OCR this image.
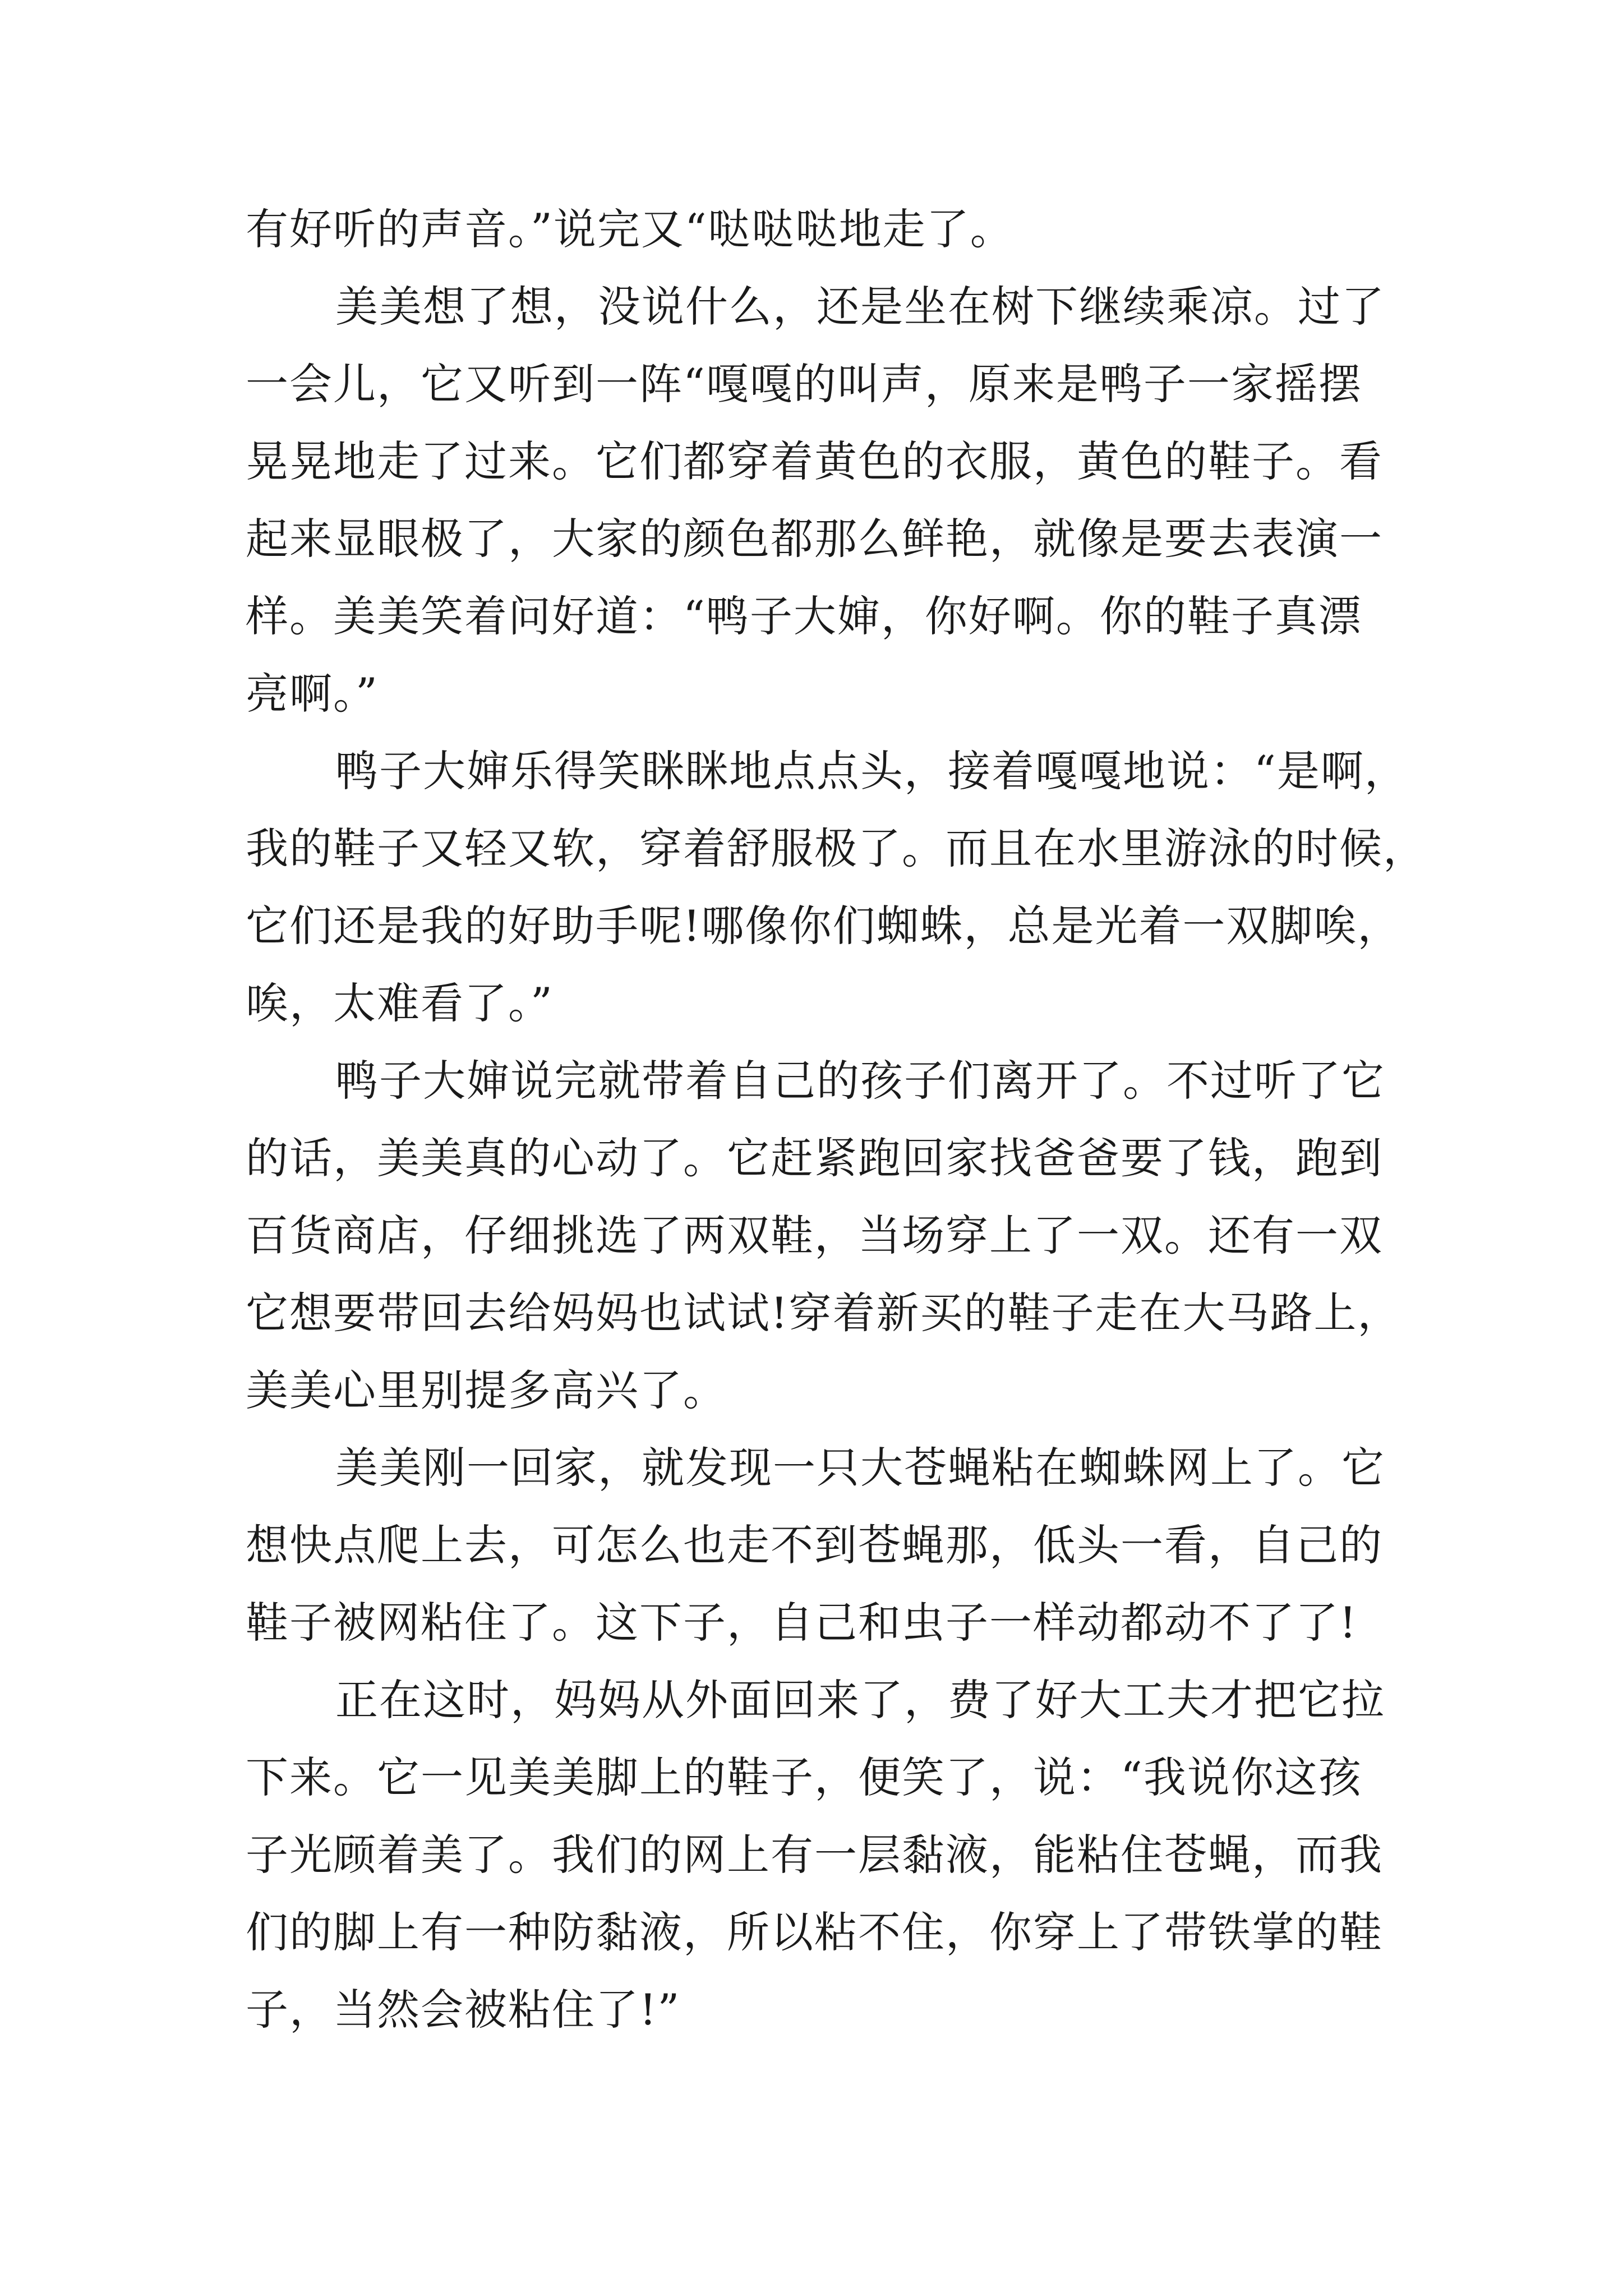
有好听的声音。”说完又“哒哒哒地走了。
美美想了想，没说什么，还是坐在树下继续乘凉。过了
一会儿，它又听到一阵“嘎嘎的叫声，原来是鸭子一家摇摆
晃晃地走了过来。它们都穿着黄色的衣服，黄色的鞋子。看
起来显眼极了，大家的颜色都那么鲜艳，就像是要去表演一
样。美美笑着问好道：“鸭子大婶，你好啊。你的鞋子真漂
亮啊。”
鸭子大婶乐得笑眯眯地点点头，接着嘎嘎地说：“是啊，
我的鞋子又轻又软，穿着舒服极了。而且在水里游泳的时候，
它们还是我的好助手呢!哪像你们蜘蛛，总是光着一双脚唉，
唉，太难看了。”
鸭子大婶说完就带着自己的孩子们离开了。不过听了它
的话，美美真的心动了。它赶紧跑回家找爸爸要了钱，跑到
百货商店，仔细挑选了两双鞋，当场穿上了一双。还有一双
它想要带回去给妈妈也试试!穿着新买的鞋子走在大马路上，
美美心里别提多高兴了。
美美刚一回家，就发现一只大苍蝇粘在蜘蛛网上了。它
想快点爬上去，可怎么也走不到苍蝇那，低头一看，自己的
鞋子被网粘住了。这下子，自己和虫子一样动都动不了了!
正在这时，妈妈从外面回来了，费了好大工夫才把它拉
下来。它一见美美脚上的鞋子，便笑了，说：“我说你这孩
子光顾着美了。我们的网上有一层黏液，能粘住苍蝇，而我
们的脚上有一种防黏液，所以粘不住，你穿上了带铁掌的鞋
子，当然会被粘住了!”
